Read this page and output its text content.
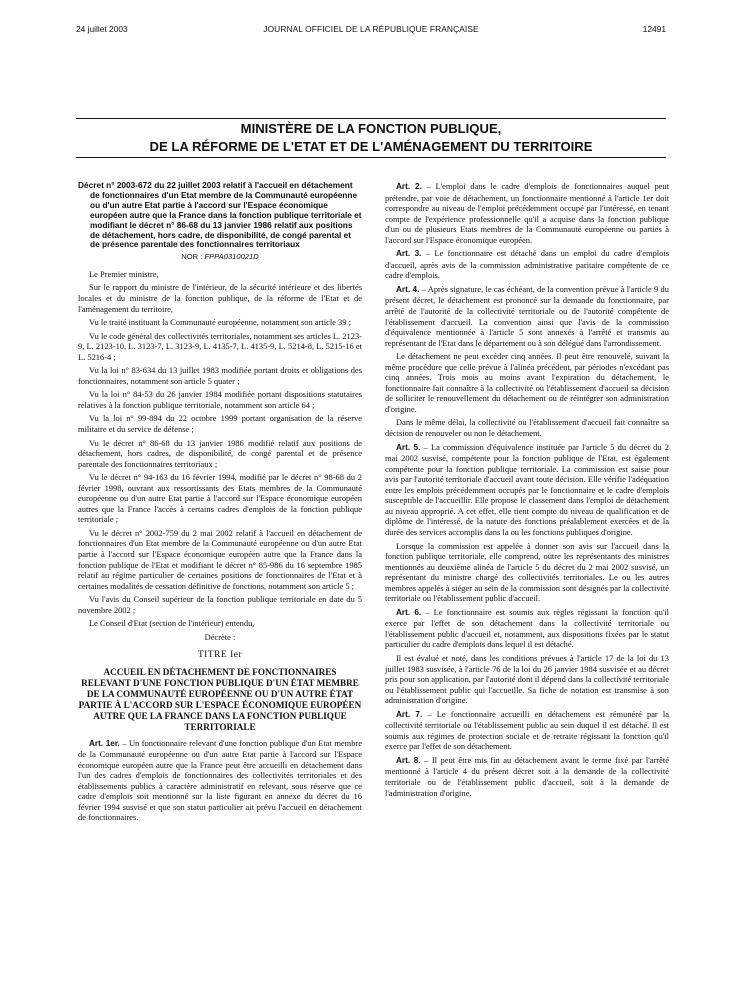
24 juillet 2003	JOURNAL OFFICIEL DE LA RÉPUBLIQUE FRANÇAISE	12491
MINISTÈRE DE LA FONCTION PUBLIQUE,
DE LA RÉFORME DE L'ETAT ET DE L'AMÉNAGEMENT DU TERRITOIRE
Décret n° 2003-672 du 22 juillet 2003 relatif à l'accueil en détachement de fonctionnaires d'un Etat membre de la Communauté européenne ou d'un autre Etat partie à l'accord sur l'Espace économique européen autre que la France dans la fonction publique territoriale et modifiant le décret n° 86-68 du 13 janvier 1986 relatif aux positions de détachement, hors cadre, de disponibilité, de congé parental et de présence parentale des fonctionnaires territoriaux
NOR : FPPA0310021D

Le Premier ministre,

Sur le rapport du ministre de l'intérieur, de la sécurité intérieure et des libertés locales et du ministre de la fonction publique, de la réforme de l'Etat et de l'aménagement du territoire,

Vu le traité instituant la Communauté européenne, notamment son article 39 ;

Vu le code général des collectivités territoriales, notamment ses articles L. 2123-9, L. 2123-10, L. 3123-7, L. 3123-9, L. 4135-7, L. 4135-9, L. 5214-8, L. 5215-16 et L. 5216-4 ;

Vu la loi n° 83-634 du 13 juillet 1983 modifiée portant droits et obligations des fonctionnaires, notamment son article 5 quater ;

Vu la loi n° 84-53 du 26 janvier 1984 modifiée portant dispositions statutaires relatives à la fonction publique territoriale, notamment son article 64 ;

Vu la loi n° 99-894 du 22 octobre 1999 portant organisation de la réserve militaire et du service de défense ;

Vu le décret n° 86-68 du 13 janvier 1986 modifié relatif aux positions de détachement, hors cadres, de disponibilité, de congé parental et de présence parentale des fonctionnaires territoriaux ;

Vu le décret n° 94-163 du 16 février 1994, modifié par le décret n° 98-68 du 2 février 1998, ouvrant aux ressortissants des Etats membres de la Communauté européenne ou d'un autre Etat partie à l'accord sur l'Espace économique européen autres que la France l'accès à certains cadres d'emplois de la fonction publique territoriale ;

Vu le décret n° 2002-759 du 2 mai 2002 relatif à l'accueil en détachement de fonctionnaires d'un Etat membre de la Communauté européenne ou d'un autre Etat partie à l'accord sur l'Espace économique européen autre que la France dans la fonction publique de l'Etat et modifiant le décret n° 85-986 du 16 septembre 1985 relatif au régime particulier de certaines positions de fonctionnaires de l'Etat et à certaines modalités de cessation définitive de fonctions, notamment son article 5 ;

Vu l'avis du Conseil supérieur de la fonction publique territoriale en date du 5 novembre 2002 ;

Le Conseil d'Etat (section de l'intérieur) entendu,

Décrète :

TITRE Ier
ACCUEIL EN DÉTACHEMENT DE FONCTIONNAIRES RELEVANT D'UNE FONCTION PUBLIQUE D'UN ÉTAT MEMBRE DE LA COMMUNAUTÉ EUROPÉENNE OU D'UN AUTRE ÉTAT PARTIE À L'ACCORD SUR L'ESPACE ÉCONOMIQUE EUROPÉEN AUTRE QUE LA FRANCE DANS LA FONCTION PUBLIQUE TERRITORIALE

Art. 1er. – Un fonctionnaire relevant d'une fonction publique d'un Etat membre de la Communauté européenne ou d'un autre Etat partie à l'accord sur l'Espace économique européen autre que la France peut être accueilli en détachement dans l'un des cadres d'emplois de fonctionnaires des collectivités territoriales et des établissements publics à caractère administratif en relevant, sous réserve que ce cadre d'emplois soit mentionné sur la liste figurant en annexe du décret du 16 février 1994 susvisé et que son statut particulier ait prévu l'accueil en détachement de fonctionnaires.

Art. 2. – L'emploi dans le cadre d'emplois de fonctionnaires auquel peut prétendre, par voie de détachement, un fonctionnaire mentionné à l'article 1er doit correspondre au niveau de l'emploi précédemment occupé par l'intéressé, en tenant compte de l'expérience professionnelle qu'il a acquise dans la fonction publique d'un ou de plusieurs Etats membres de la Communauté européenne ou parties à l'accord sur l'Espace économique européen.

Art. 3. – Le fonctionnaire est détaché dans un emploi du cadre d'emplois d'accueil, après avis de la commission administrative paritaire compétente de ce cadre d'emplois.

Art. 4. – Après signature, le cas échéant, de la convention prévue à l'article 9 du présent décret, le détachement est prononcé sur la demande du fonctionnaire, par arrêté de l'autorité de la collectivité territoriale ou de l'autorité compétente de l'établissement d'accueil. La convention ainsi que l'avis de la commission d'équivalence mentionnée à l'article 5 sont annexés à l'arrêté et transmis au représentant de l'Etat dans le département ou à son délégué dans l'arrondissement.

Le détachement ne peut excéder cinq années. Il peut être renouvelé, suivant la même procédure que celle prévue à l'alinéa précédent, par périodes n'excédant pas cinq années. Trois mois au moins avant l'expiration du détachement, le fonctionnaire fait connaître à la collectivité ou l'établissement d'accueil sa décision de solliciter le renouvellement du détachement ou de réintégrer son administration d'origine.

Dans le même délai, la collectivité ou l'établissement d'accueil fait connaître sa décision de renouveler ou non le détachement.

Art. 5. – La commission d'équivalence instituée par l'article 5 du décret du 2 mai 2002 susvisé, compétente pour la fonction publique de l'Etat, est également compétente pour la fonction publique territoriale. La commission est saisie pour avis par l'autorité territoriale d'accueil avant toute décision. Elle vérifie l'adéquation entre les emplois précédemment occupés par le fonctionnaire et le cadre d'emplois susceptible de l'accueillir. Elle propose le classement dans l'emploi de détachement au niveau approprié. A cet effet, elle tient compte du niveau de qualification et de diplôme de l'intéressé, de la nature des fonctions préalablement exercées et de la durée des services accomplis dans la ou les fonctions publiques d'origine.

Lorsque la commission est appelée à donner son avis sur l'accueil dans la fonction publique territoriale, elle comprend, outre les représentants des ministres mentionnés au deuxième alinéa de l'article 5 du décret du 2 mai 2002 susvisé, un représentant du ministre chargé des collectivités territoriales. Le ou les autres membres appelés à siéger au sein de la commission sont désignés par la collectivité territoriale ou l'établissement public d'accueil.

Art. 6. – Le fonctionnaire est soumis aux règles régissant la fonction qu'il exerce par l'effet de son détachement dans la collectivité territoriale ou l'établissement public d'accueil et, notamment, aux dispositions fixées par le statut particulier du cadre d'emplois dans lequel il est détaché.

Il est évalué et noté, dans les conditions prévues à l'article 17 de la loi du 13 juillet 1983 susvisée, à l'article 76 de la loi du 26 janvier 1984 susvisée et au décret pris pour son application, par l'autorité dont il dépend dans la collectivité territoriale ou l'établissement public qui l'accueille. Sa fiche de notation est transmise à son administration d'origine.

Art. 7. – Le fonctionnaire accueilli en détachement est rémunéré par la collectivité territoriale ou l'établissement public au sein duquel il est détaché. Il est soumis aux régimes de protection sociale et de retraite régissant la fonction qu'il exerce par l'effet de son détachement.

Art. 8. – Il peut être mis fin au détachement avant le terme fixé par l'arrêté mentionné à l'article 4 du présent décret soit à la demande de la collectivité territoriale ou de l'établissement public d'accueil, soit à la demande de l'administration d'origine.
